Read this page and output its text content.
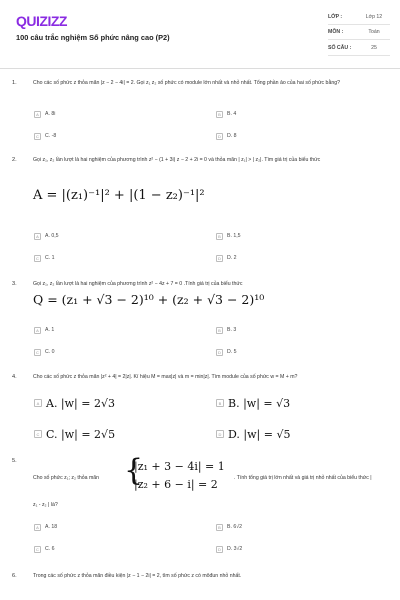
QUIZIZZ
100 câu trắc nghiệm Số phức nâng cao (P2)
LỚP :	Lớp 12
MÔN :	Toán
SỐ CÂU :	25
1.	Cho các số phức z thỏa mãn |z − 2 − 4i| = 2. Gọi z₁ z₂ số phức có module lớn nhất và nhỏ nhất. Tổng phần ảo của hai số phức bằng?
A	A. 8i	B	B. 4
C	C. -8	D	D. 8
2.	Gọi z₁, z₂ lần lượt là hai nghiệm của phương trình z² − (1 + 3i) z − 2 + 2i = 0 và thỏa mãn | z₁| > | z₂|. Tìm giá trị của biểu thức
A = |(z₁)⁻¹|² + |(1 − z₂)⁻¹|²
A	A. 0,5	B	B. 1,5
C	C. 1	D	D. 2
3.	Gọi z₁, z₂ lần lượt là hai nghiệm của phương trình z² − 4z + 7 = 0 .Tính giá trị của biểu thức
Q = (z₁ + √3 − 2)¹⁰ + (z₂ + √3 − 2)¹⁰
A	A. 1	B	B. 3
C	C. 0	D	D. 5
4.	Cho các số phức z thỏa mãn |z² + 4| = 2|z|. Kí hiệu M = max|z| và m = min|z|. Tìm module của số phức w = M + m?
A A. |w| = 2√3	B B. |w| = √3
C C. |w| = 2√5	D D. |w| = √5
5.
Cho số phức z₁; z₂ thỏa mãn {
|z₁ + 3 − 4i| = 1
|z₂ + 6 − i| = 2	. Tính tổng giá trị lớn nhất và giá trị nhỏ nhất của biểu thức |
z₁ - z₂ | là?
A	A. 18	B	B. 6√2
C	C. 6	D	D. 3√2
6.	Trong các số phức z thỏa mãn điều kiện |z − 1 − 2i| = 2, tìm số phức z có môđun nhỏ nhất.
